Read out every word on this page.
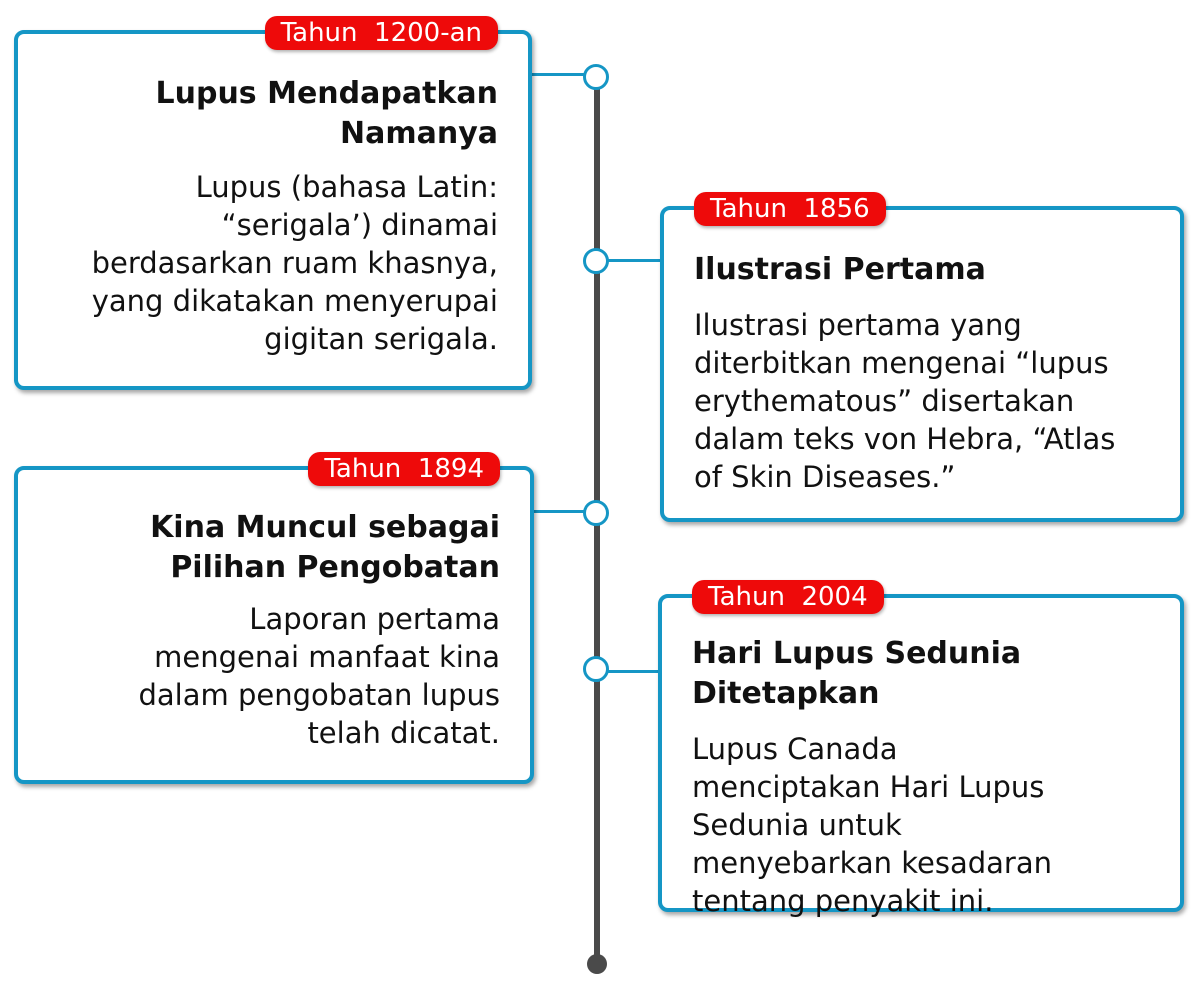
Tahun  1200-an

Lupus Mendapatkan Namanya

Lupus (bahasa Latin: “serigala’) dinamai berdasarkan ruam khasnya, yang dikatakan menyerupai gigitan serigala.

Tahun  1856

Ilustrasi Pertama

Ilustrasi pertama yang diterbitkan mengenai “lupus erythematous” disertakan dalam teks von Hebra, “Atlas of Skin Diseases.”

Tahun  1894

Kina Muncul sebagai Pilihan Pengobatan

Laporan pertama mengenai manfaat kina dalam pengobatan lupus telah dicatat.

Tahun  2004

Hari Lupus Sedunia Ditetapkan

Lupus Canada menciptakan Hari Lupus Sedunia untuk menyebarkan kesadaran tentang penyakit ini.
